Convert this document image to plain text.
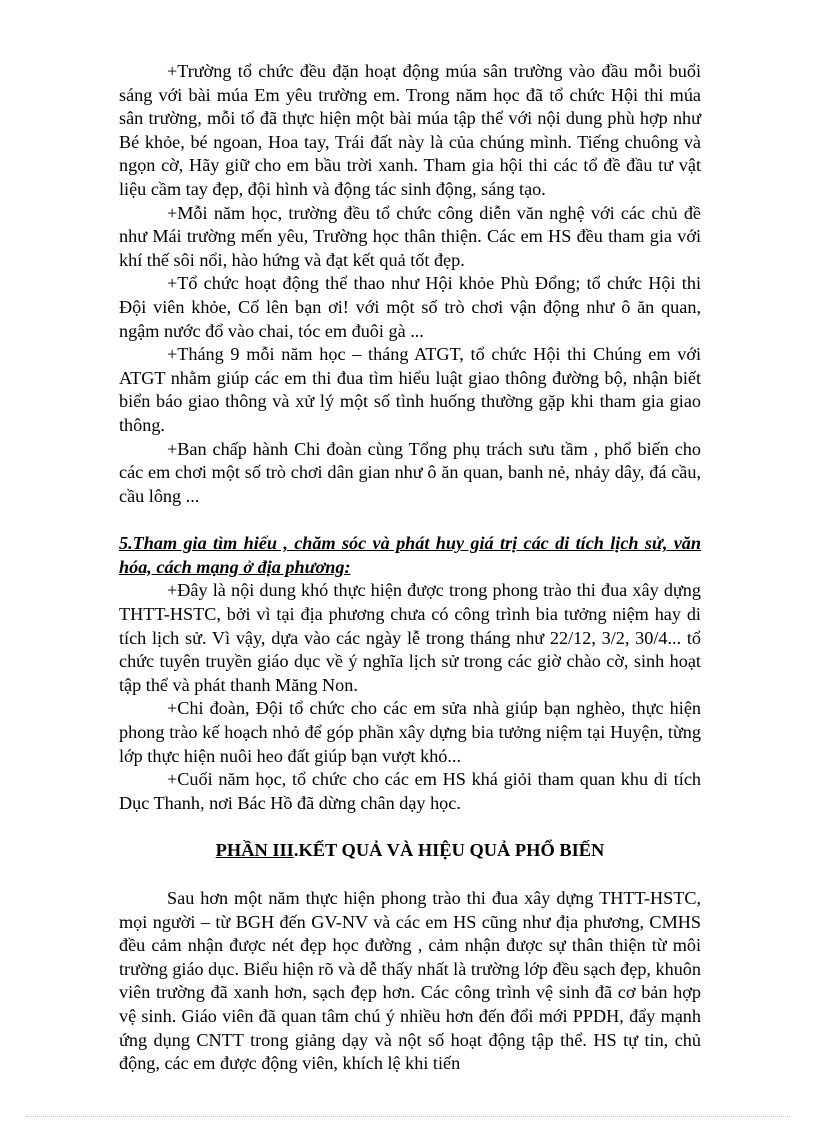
+Trường tổ chức đều đặn hoạt động múa sân trường vào đầu mỗi buổi sáng với bài múa Em yêu trường em. Trong năm học đã tổ chức Hội thi múa sân trường, mỗi tổ đã thực hiện một bài múa tập thể với nội dung phù hợp như Bé khỏe, bé ngoan, Hoa tay, Trái đất này là của chúng mình. Tiếng chuông và ngọn cờ, Hãy giữ cho em bầu trời xanh. Tham gia hội thi các tổ đề đầu tư vật liệu cầm tay đẹp, đội hình và động tác sinh động, sáng tạo.

+Mỗi năm học, trường đều tổ chức công diễn văn nghệ với các chủ đề như Mái trường mến yêu, Trường học thân thiện. Các em HS đều tham gia với khí thế sôi nổi, hào hứng và đạt kết quả tốt đẹp.

+Tổ chức hoạt động thể thao như Hội khỏe Phù Đổng; tổ chức Hội thi Đội viên khỏe, Cố lên bạn ơi! với một số trò chơi vận động như ô ăn quan, ngậm nước đổ vào chai, tóc em đuôi gà ...

+Tháng 9 mỗi năm học – tháng ATGT, tổ chức Hội thi Chúng em với ATGT nhằm giúp các em thi đua tìm hiểu luật giao thông đường bộ, nhận biết biển báo giao thông và xử lý một số tình huống thường gặp khi tham gia giao thông.

+Ban chấp hành Chi đoàn cùng Tổng phụ trách sưu tầm , phổ biến cho các em chơi một số trò chơi dân gian như ô ăn quan, banh nẻ, nhảy dây, đá cầu, cầu lông ...

5.Tham gia tìm hiểu , chăm sóc và phát huy giá trị các di tích lịch sử, văn hóa, cách mạng ở địa phương:

+Đây là nội dung khó thực hiện được trong phong trào thi đua xây dựng THTT-HSTC, bởi vì tại địa phương chưa có công trình bia tưởng niệm hay di tích lịch sử. Vì vậy, dựa vào các ngày lễ trong tháng như 22/12, 3/2, 30/4... tổ chức tuyên truyền giáo dục về ý nghĩa lịch sử trong các giờ chào cờ, sinh hoạt tập thể và phát thanh Măng Non.

+Chi đoàn, Đội tổ chức cho các em sửa nhà giúp bạn nghèo, thực hiện phong trào kế hoạch nhỏ để góp phần xây dựng bia tưởng niệm tại Huyện, từng lớp thực hiện nuôi heo đất giúp bạn vượt khó...

+Cuối năm học, tổ chức cho các em HS khá giỏi tham quan khu di tích Dục Thanh, nơi Bác Hồ đã dừng chân dạy học.

PHẦN III.KẾT QUẢ VÀ HIỆU QUẢ PHỔ BIẾN

Sau hơn một năm thực hiện phong trào thi đua xây dựng THTT-HSTC, mọi người – từ BGH đến GV-NV và các em HS cũng như địa phương, CMHS đều cảm nhận được nét đẹp học đường , cảm nhận được sự thân thiện từ môi trường giáo dục. Biểu hiện rõ và dễ thấy nhất là trường lớp đều sạch đẹp, khuôn viên trường đã xanh hơn, sạch đẹp hơn. Các công trình vệ sinh đã cơ bản hợp vệ sinh. Giáo viên đã quan tâm chú ý nhiều hơn đến đổi mới PPDH, đẩy mạnh ứng dụng CNTT trong giảng dạy và nột số hoạt động tập thể. HS tự tin, chủ động, các em được động viên, khích lệ khi tiến
